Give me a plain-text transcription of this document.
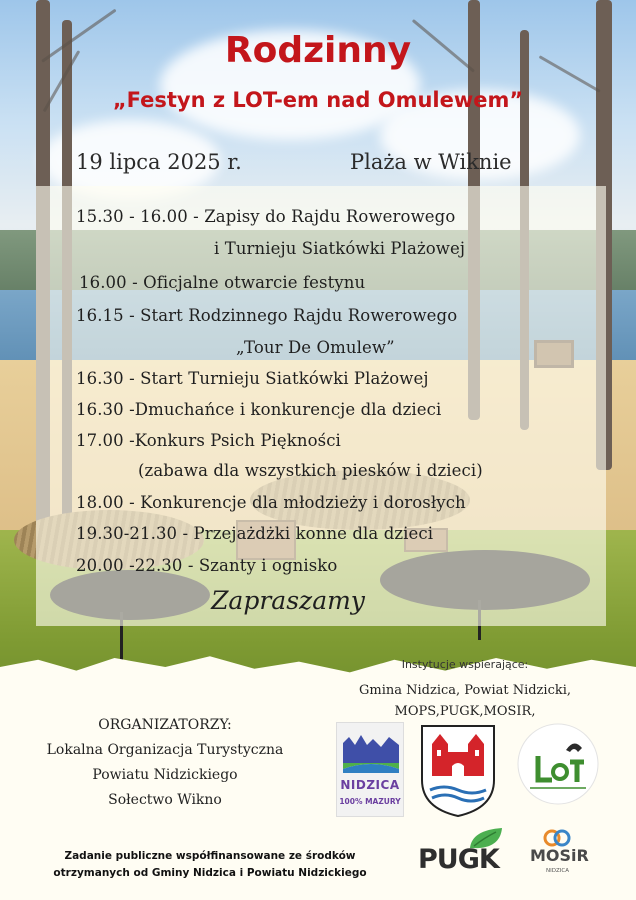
Rodzinny
„Festyn z LOT-em nad Omulewem”
19 lipca 2025 r.	Plaża w Wiknie
15.30 - 16.00 - Zapisy do Rajdu Rowerowego
i Turnieju Siatkówki Plażowej
16.00 - Oficjalne otwarcie festynu
16.15 - Start Rodzinnego Rajdu Rowerowego
„Tour De Omulew”
16.30 - Start Turnieju Siatkówki Plażowej
16.30 -Dmuchańce i konkurencje dla dzieci
17.00 -Konkurs Psich Piękności
(zabawa dla wszystkich piesków i dzieci)
18.00 - Konkurencje dla młodzieży i dorosłych
19.30-21.30 - Przejażdżki konne dla dzieci
20.00 -22.30 - Szanty i ognisko
Zapraszamy
Instytucje wspierające:
Gmina Nidzica, Powiat Nidzicki,
MOPS,PUGK,MOSIR,
ORGANIZATORZY:
Lokalna Organizacja Turystyczna
Powiatu Nidzickiego
Sołectwo Wikno
NIDZICA
100% MAZURY
PUGK MOSiR
NIDZICA
Zadanie publiczne współfinansowane ze środków
otrzymanych od Gminy Nidzica i Powiatu Nidzickiego
